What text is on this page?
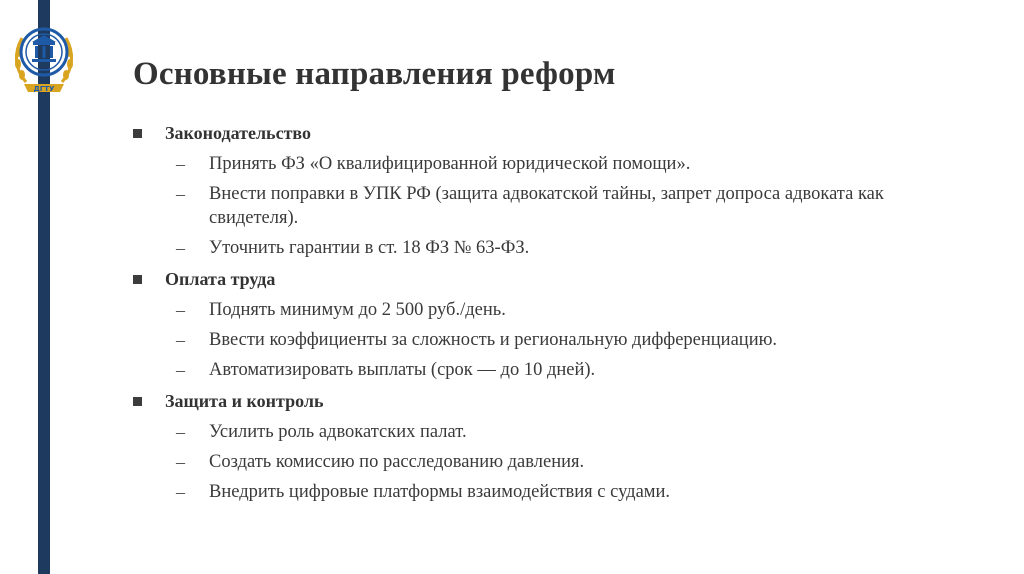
ДГТУ Основные направления реформ
Законодательство
– Принять ФЗ «О квалифицированной юридической помощи».
– Внести поправки в УПК РФ (защита адвокатской тайны, запрет допроса адвоката как свидетеля).
– Уточнить гарантии в ст. 18 ФЗ № 63-ФЗ.
Оплата труда
– Поднять минимум до 2 500 руб./день.
– Ввести коэффициенты за сложность и региональную дифференциацию.
– Автоматизировать выплаты (срок — до 10 дней).
Защита и контроль
– Усилить роль адвокатских палат.
– Создать комиссию по расследованию давления.
– Внедрить цифровые платформы взаимодействия с судами.
